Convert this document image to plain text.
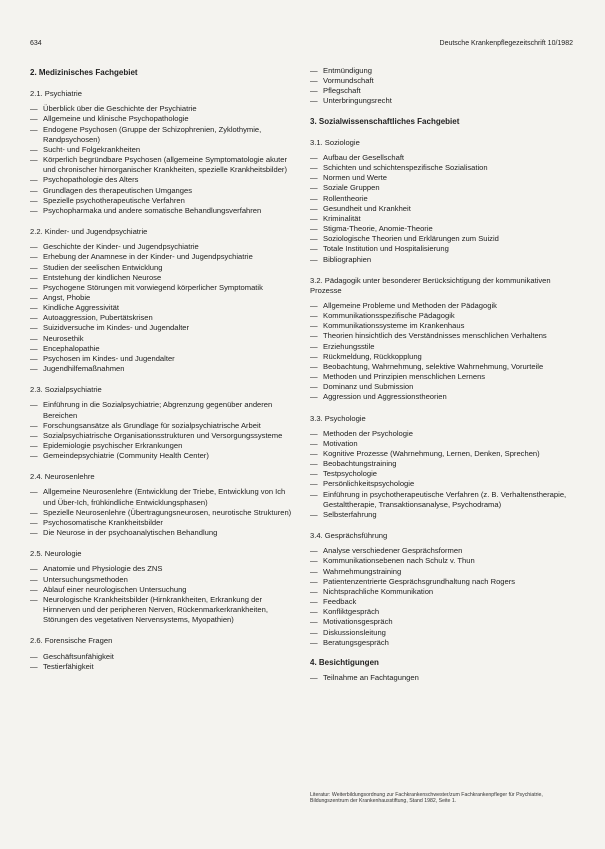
634	Deutsche Krankenpflegezeitschrift 10/1982
2. Medizinisches Fachgebiet
2.1. Psychiatrie
— Überblick über die Geschichte der Psychiatrie
— Allgemeine und klinische Psychopathologie
— Endogene Psychosen (Gruppe der Schizophrenien, Zyklothymie, Randpsychosen)
— Sucht- und Folgekrankheiten
— Körperlich begründbare Psychosen (allgemeine Symptomatologie akuter und chronischer hirnorganischer Krankheiten, spezielle Krankheitsbilder)
— Psychopathologie des Alters
— Grundlagen des therapeutischen Umganges
— Spezielle psychotherapeutische Verfahren
— Psychopharmaka und andere somatische Behandlungsverfahren
2.2. Kinder- und Jugendpsychiatrie
— Geschichte der Kinder- und Jugendpsychiatrie
— Erhebung der Anamnese in der Kinder- und Jugendpsychiatrie
— Studien der seelischen Entwicklung
— Entstehung der kindlichen Neurose
— Psychogene Störungen mit vorwiegend körperlicher Symptomatik
— Angst, Phobie
— Kindliche Aggressivität
— Autoaggression, Pubertätskrisen
— Suizidversuche im Kindes- und Jugendalter
— Neurosethik
— Encephalopathie
— Psychosen im Kindes- und Jugendalter
— Jugendhilfemaßnahmen
2.3. Sozialpsychiatrie
— Einführung in die Sozialpsychiatrie; Abgrenzung gegenüber anderen Bereichen
— Forschungsansätze als Grundlage für sozialpsychiatrische Arbeit
— Sozialpsychiatrische Organisationsstrukturen und Versorgungssysteme
— Epidemiologie psychischer Erkrankungen
— Gemeindepsychiatrie (Community Health Center)
2.4. Neurosenlehre
— Allgemeine Neurosenlehre (Entwicklung der Triebe, Entwicklung von Ich und Über-Ich, frühkindliche Entwicklungsphasen)
— Spezielle Neurosenlehre (Übertragungsneurosen, neurotische Strukturen)
— Psychosomatische Krankheitsbilder
— Die Neurose in der psychoanalytischen Behandlung
2.5. Neurologie
— Anatomie und Physiologie des ZNS
— Untersuchungsmethoden
— Ablauf einer neurologischen Untersuchung
— Neurologische Krankheitsbilder (Hirnkrankheiten, Erkrankung der Hirnnerven und der peripheren Nerven, Rückenmarkerkrankheiten, Störungen des vegetativen Nervensystems, Myopathien)
2.6. Forensische Fragen
— Geschäftsunfähigkeit
— Testierfähigkeit
— Entmündigung
— Vormundschaft
— Pflegschaft
— Unterbringungsrecht
3. Sozialwissenschaftliches Fachgebiet
3.1. Soziologie
— Aufbau der Gesellschaft
— Schichten und schichtenspezifische Sozialisation
— Normen und Werte
— Soziale Gruppen
— Rollentheorie
— Gesundheit und Krankheit
— Kriminalität
— Stigma-Theorie, Anomie-Theorie
— Soziologische Theorien und Erklärungen zum Suizid
— Totale Institution und Hospitalisierung
— Bibliographien
3.2. Pädagogik unter besonderer Berücksichtigung der kommunikativen Prozesse
— Allgemeine Probleme und Methoden der Pädagogik
— Kommunikationsspezifische Pädagogik
— Kommunikationssysteme im Krankenhaus
— Theorien hinsichtlich des Verständnisses menschlichen Verhaltens
— Erziehungsstile
— Rückmeldung, Rückkopplung
— Beobachtung, Wahrnehmung, selektive Wahrnehmung, Vorurteile
— Methoden und Prinzipien menschlichen Lernens
— Dominanz und Submission
— Aggression und Aggressionstheorien
3.3. Psychologie
— Methoden der Psychologie
— Motivation
— Kognitive Prozesse (Wahrnehmung, Lernen, Denken, Sprechen)
— Beobachtungstraining
— Testpsychologie
— Persönlichkeitspsychologie
— Einführung in psychotherapeutische Verfahren (z. B. Verhaltenstherapie, Gestalttherapie, Transaktionsanalyse, Psychodrama)
— Selbsterfahrung
3.4. Gesprächsführung
— Analyse verschiedener Gesprächsformen
— Kommunikationsebenen nach Schulz v. Thun
— Wahrnehmungstraining
— Patientenzentrierte Gesprächsgrundhaltung nach Rogers
— Nichtsprachliche Kommunikation
— Feedback
— Konfliktgespräch
— Motivationsgespräch
— Diskussionsleitung
— Beratungsgespräch
4. Besichtigungen
— Teilnahme an Fachtagungen
Literatur: Weiterbildungsordnung zur Fachkrankenschwester/zum Fachkrankenpfleger für Psychiatrie, Bildungszentrum der Krankenhausstiftung, Stand 1982, Seite 1.
